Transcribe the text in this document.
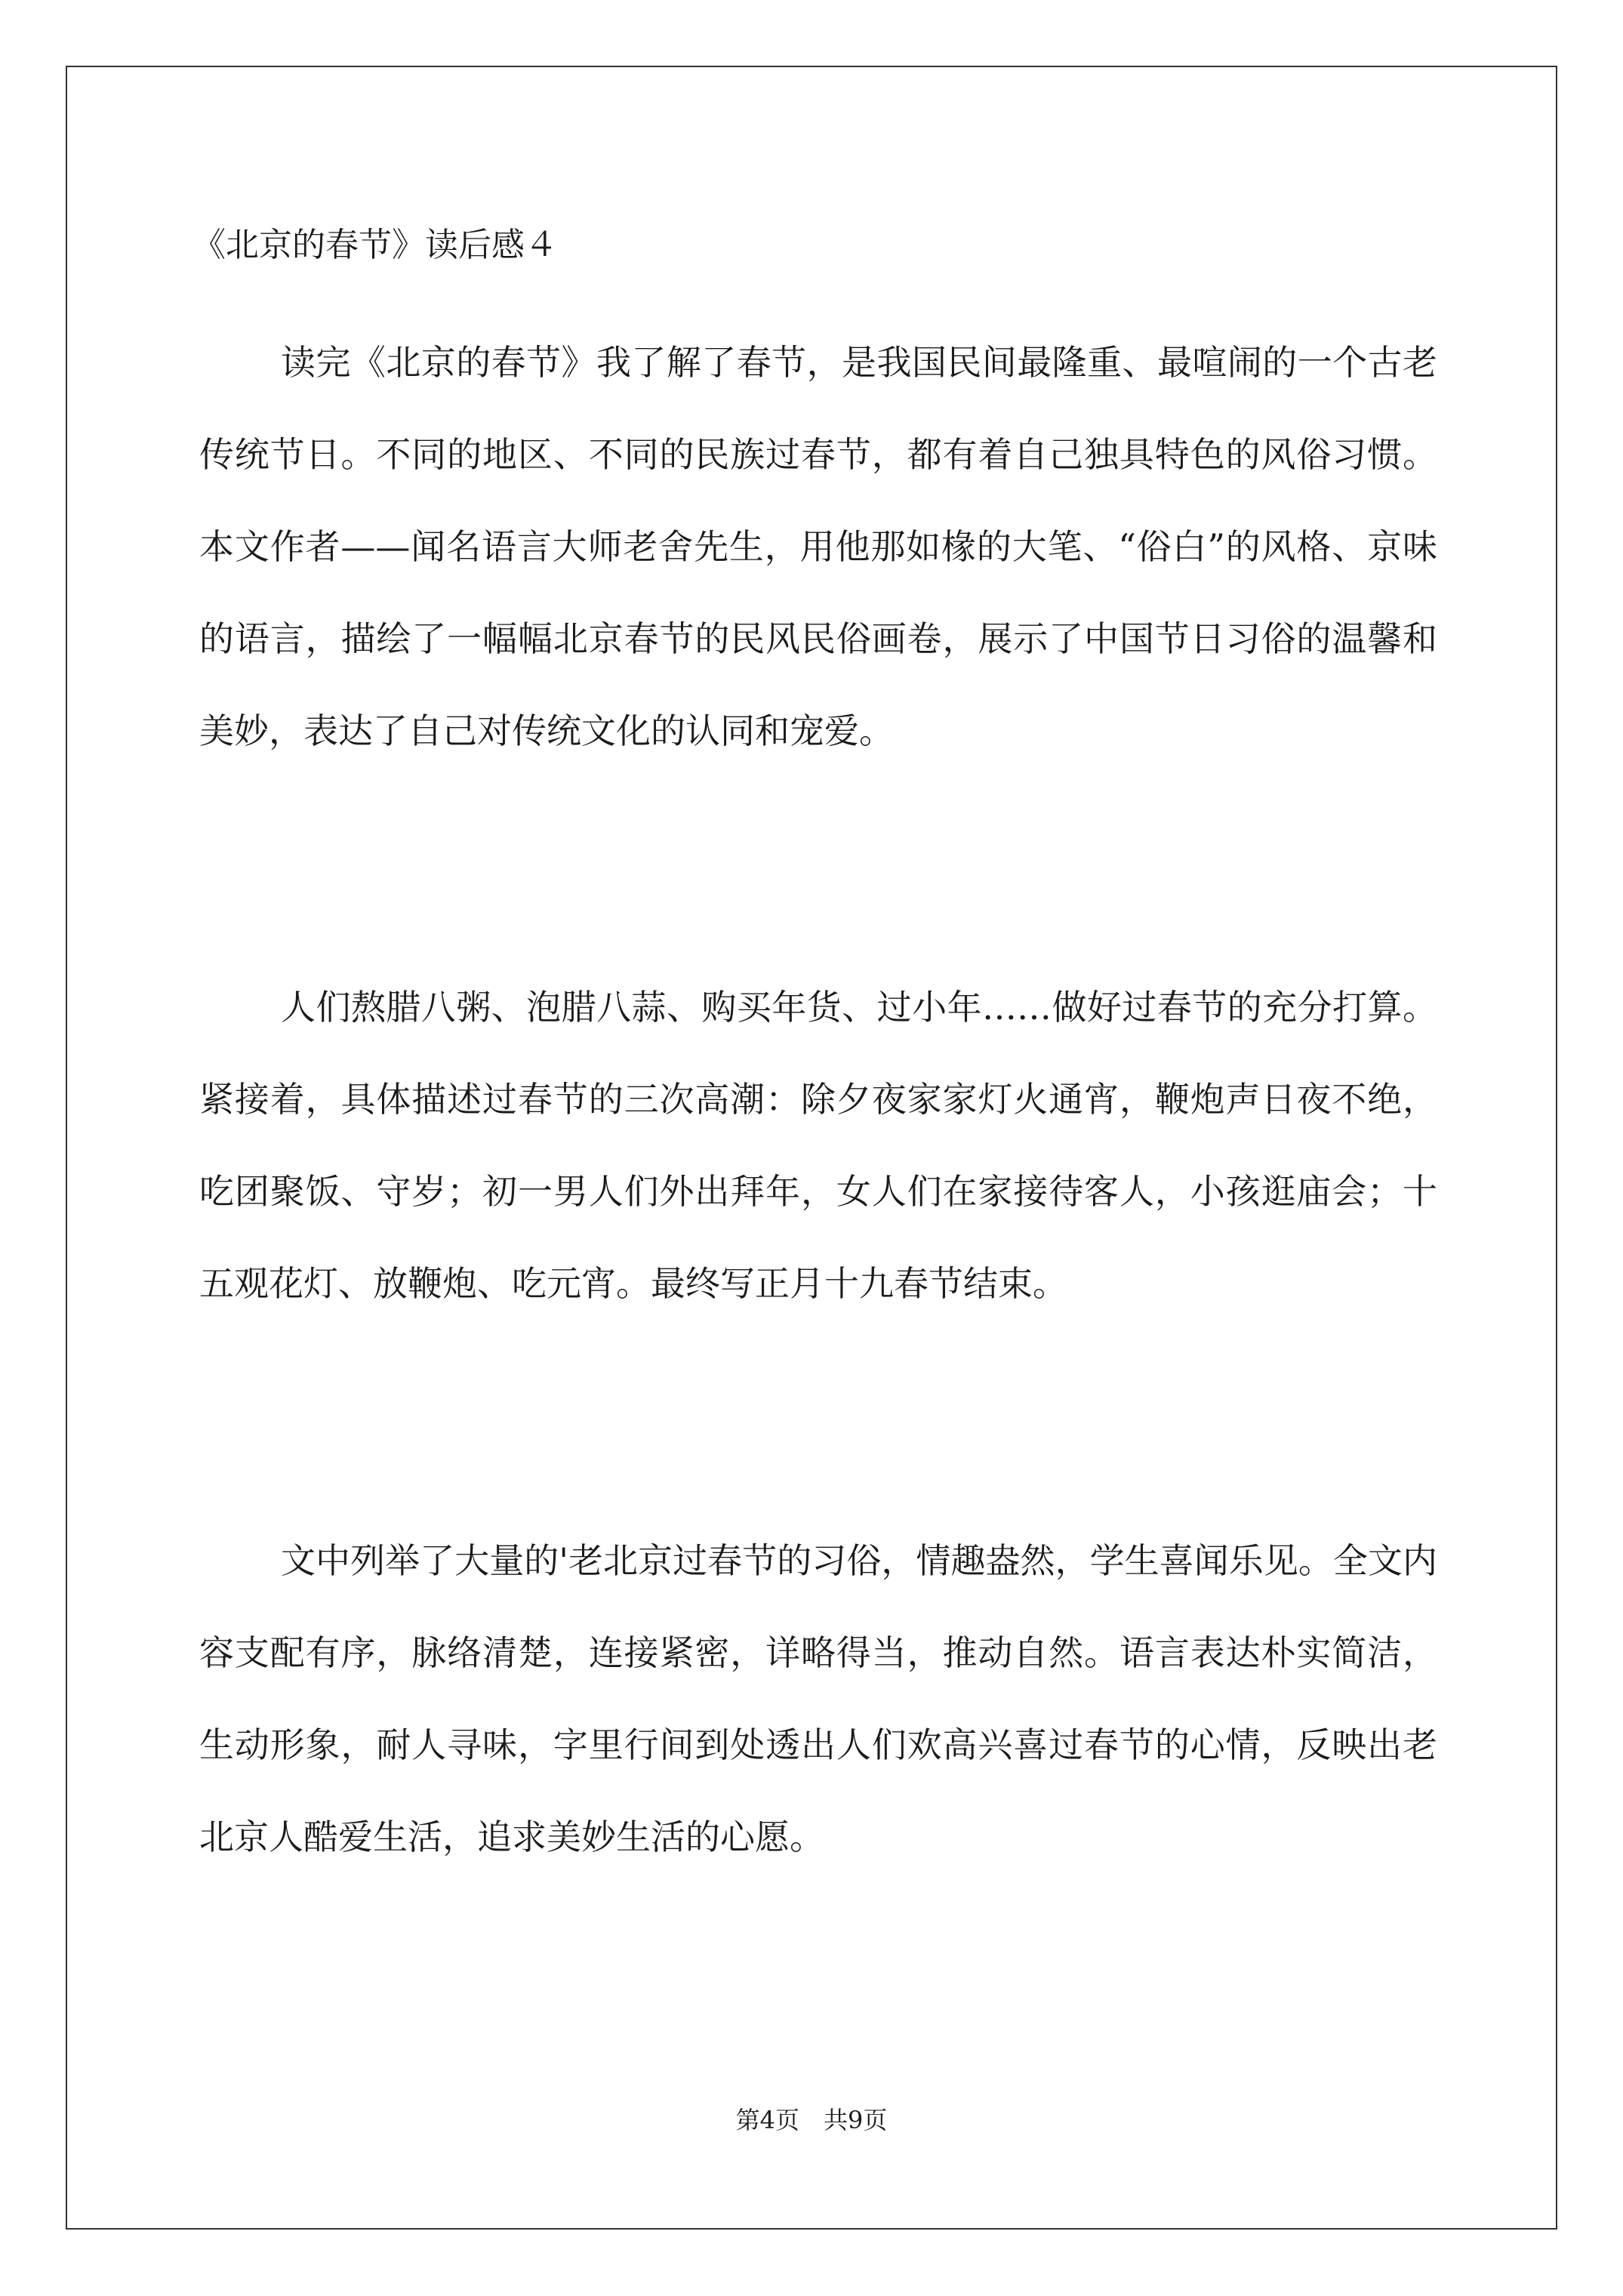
《北京的春节》读后感４

读完《北京的春节》我了解了春节，是我国民间最隆重、最喧闹的一个古老传统节日。不同的地区、不同的民族过春节，都有着自己独具特色的风俗习惯。本文作者——闻名语言大师老舍先生，用他那如椽的大笔、“俗白”的风格、京味的语言，描绘了一幅幅北京春节的民风民俗画卷，展示了中国节日习俗的温馨和美妙，表达了自己对传统文化的认同和宠爱。

人们熬腊八粥、泡腊八蒜、购买年货、过小年……做好过春节的充分打算。紧接着，具体描述过春节的三次高潮：除夕夜家家灯火通宵，鞭炮声日夜不绝，吃团聚饭、守岁；初一男人们外出拜年，女人们在家接待客人，小孩逛庙会；十五观花灯、放鞭炮、吃元宵。最终写正月十九春节结束。

文中列举了大量的'老北京过春节的习俗，情趣盎然，学生喜闻乐见。全文内容支配有序，脉络清楚，连接紧密，详略得当，推动自然。语言表达朴实简洁，生动形象，耐人寻味，字里行间到处透出人们欢高兴喜过春节的心情，反映出老北京人酷爱生活，追求美妙生活的心愿。

第4页　共9页
